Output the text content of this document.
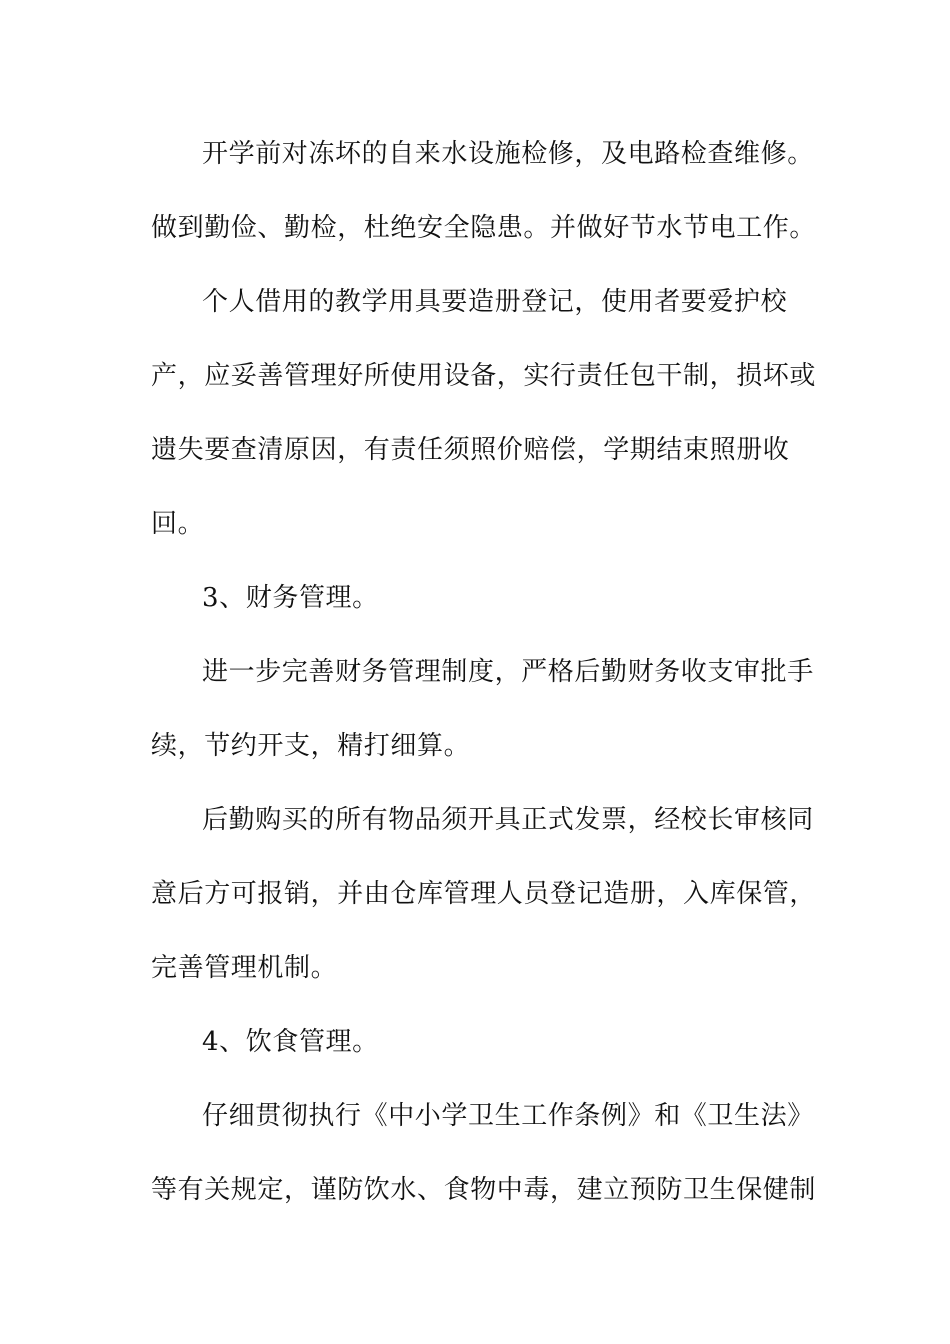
开学前对冻坏的自来水设施检修，及电路检查维修。
做到勤俭、勤检，杜绝安全隐患。并做好节水节电工作。
个人借用的教学用具要造册登记，使用者要爱护校
产，应妥善管理好所使用设备，实行责任包干制，损坏或
遗失要查清原因，有责任须照价赔偿，学期结束照册收
回。
3、财务管理。
进一步完善财务管理制度，严格后勤财务收支审批手
续，节约开支，精打细算。
后勤购买的所有物品须开具正式发票，经校长审核同
意后方可报销，并由仓库管理人员登记造册，入库保管，
完善管理机制。
4、饮食管理。
仔细贯彻执行《中小学卫生工作条例》和《卫生法》
等有关规定，谨防饮水、食物中毒，建立预防卫生保健制
